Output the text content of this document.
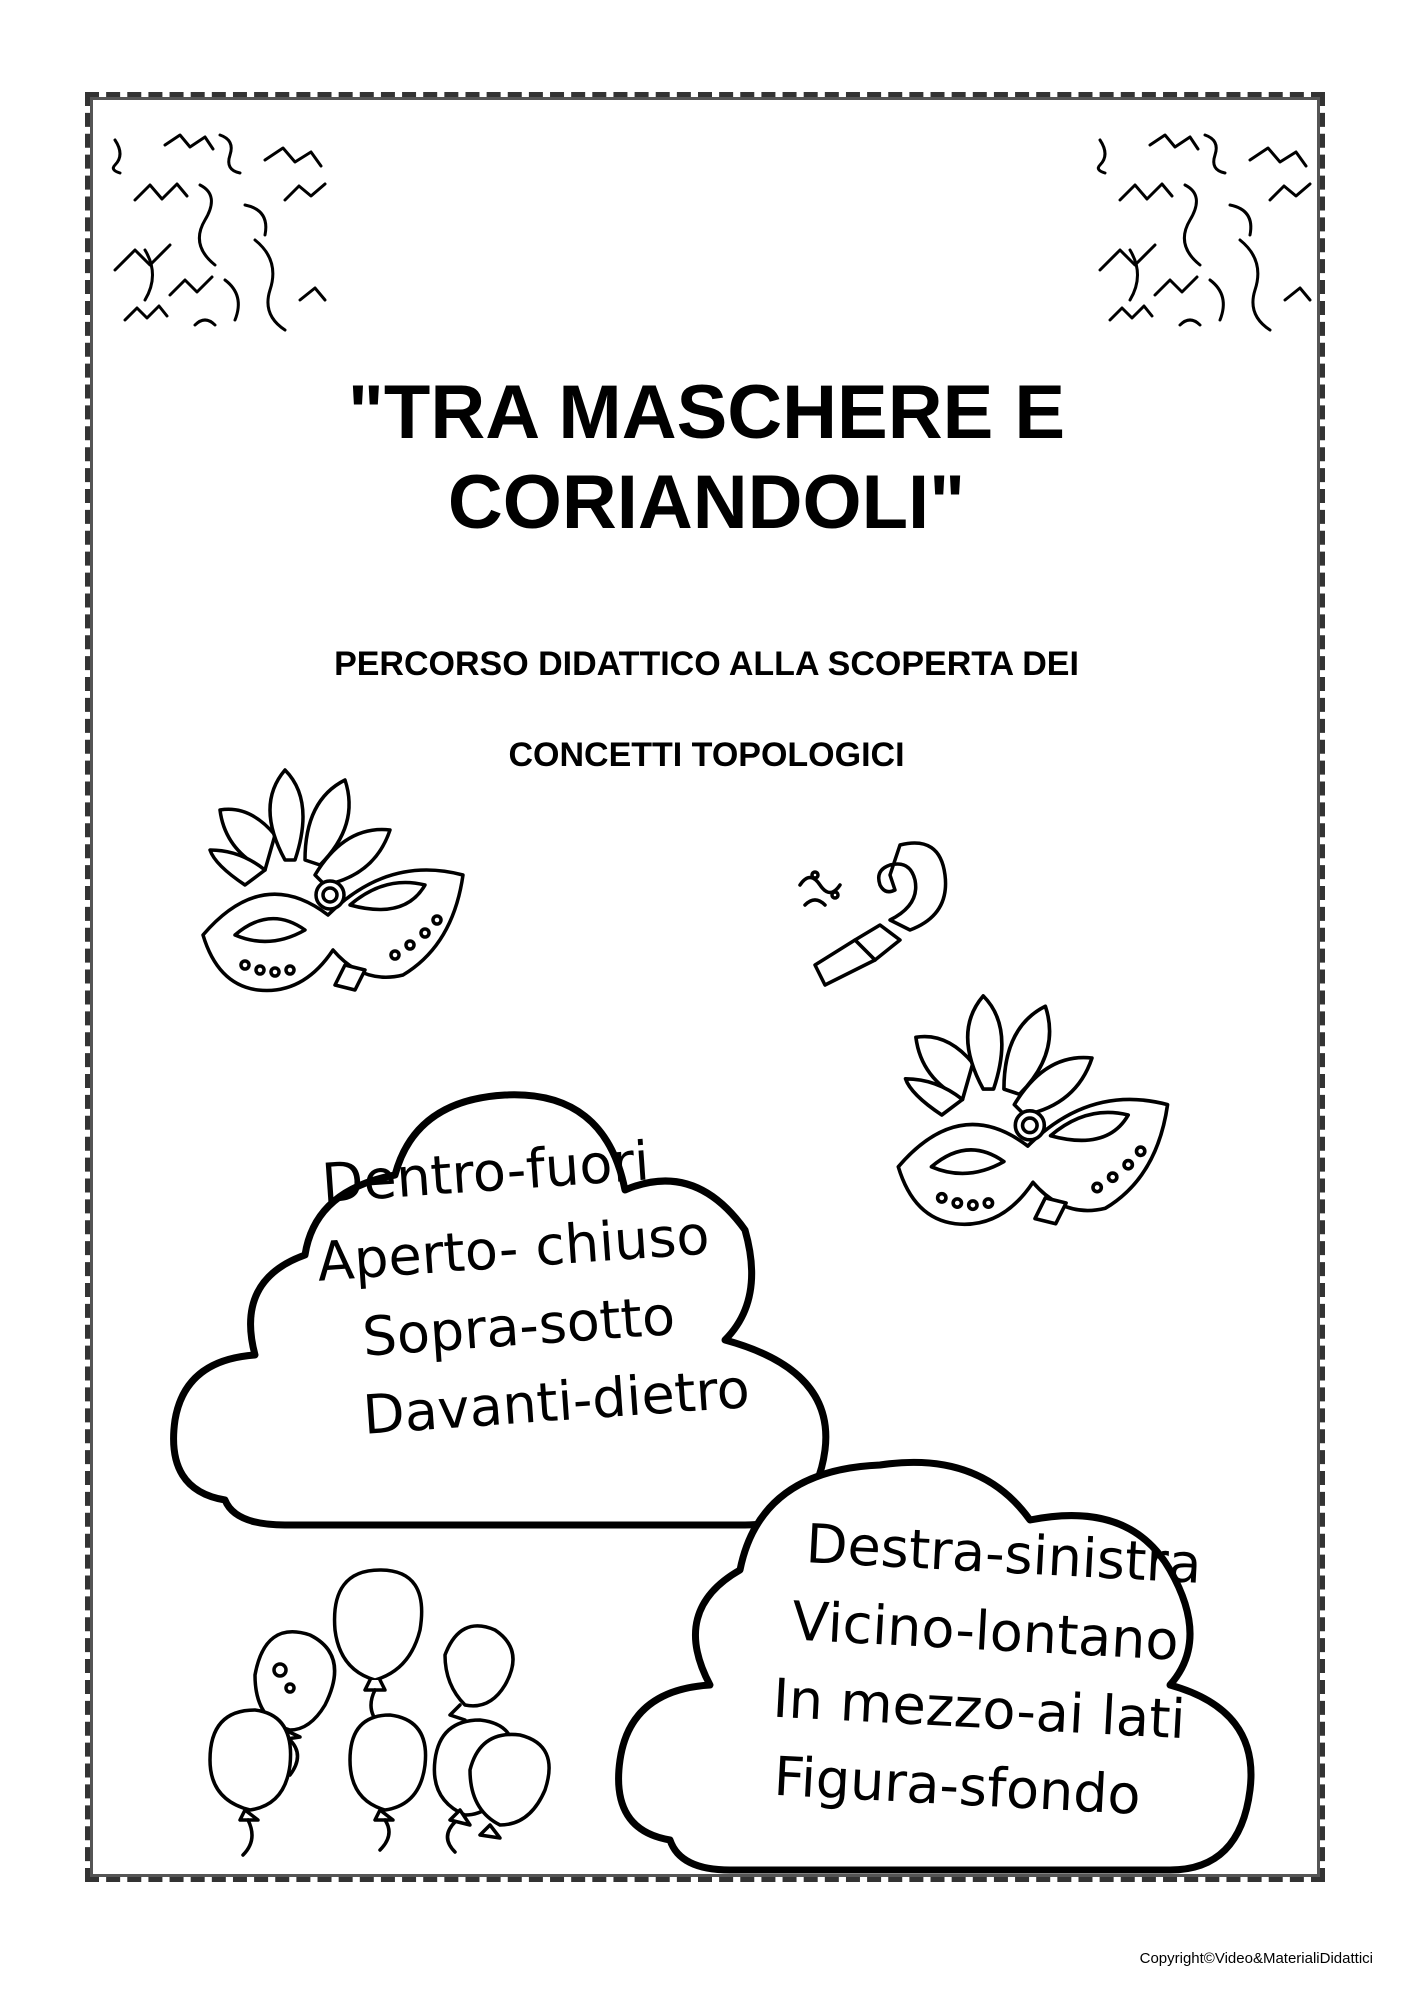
"TRA MASCHERE E
CORIANDOLI"

PERCORSO DIDATTICO ALLA SCOPERTA DEI

CONCETTI TOPOLOGICI

Dentro-fuori
Aperto- chiuso
Sopra-sotto
Davanti-dietro
Destra-sinistra
Vicino-lontano
In mezzo-ai lati
Figura-sfondo
Copyright©Video&MaterialiDidattici
